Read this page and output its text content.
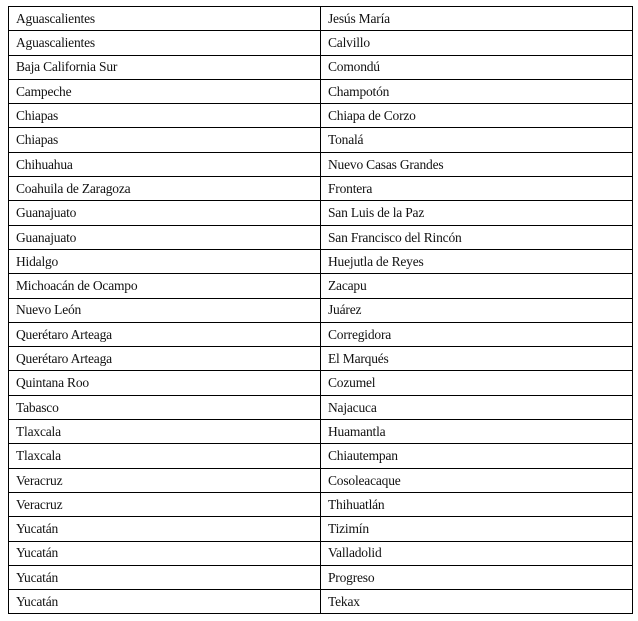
Aguascalientes	Jesús María
Aguascalientes	Calvillo
Baja California Sur	Comondú
Campeche	Champotón
Chiapas	Chiapa de Corzo
Chiapas	Tonalá
Chihuahua	Nuevo Casas Grandes
Coahuila de Zaragoza	Frontera
Guanajuato	San Luis de la Paz
Guanajuato	San Francisco del Rincón
Hidalgo	Huejutla de Reyes
Michoacán de Ocampo	Zacapu
Nuevo León	Juárez
Querétaro Arteaga	Corregidora
Querétaro Arteaga	El Marqués
Quintana Roo	Cozumel
Tabasco	Najacuca
Tlaxcala	Huamantla
Tlaxcala	Chiautempan
Veracruz	Cosoleacaque
Veracruz	Thihuatlán
Yucatán	Tizimín
Yucatán	Valladolid
Yucatán	Progreso
Yucatán	Tekax
